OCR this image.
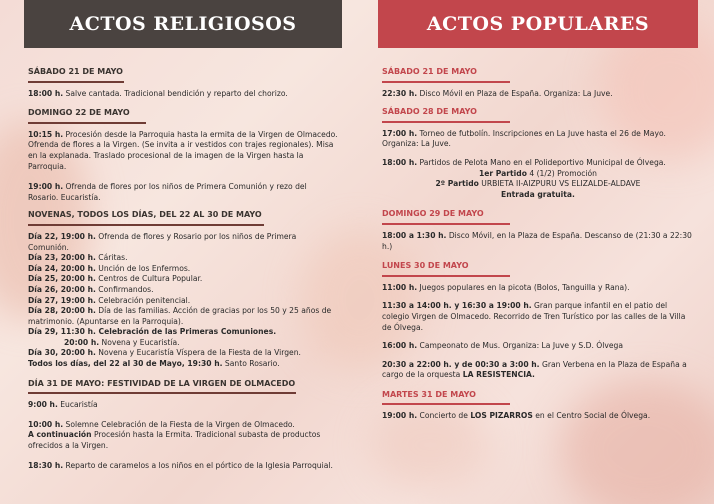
ACTOS RELIGIOSOS
SÁBADO 21 DE MAYO
18:00 h. Salve cantada. Tradicional bendición y reparto del chorizo.
DOMINGO 22 DE MAYO
10:15 h. Procesión desde la Parroquia hasta la ermita de la Virgen de Olmacedo. Ofrenda de flores a la Virgen. (Se invita a ir vestidos con trajes regionales). Misa en la explanada. Traslado procesional de la imagen de la Virgen hasta la Parroquia.
19:00 h. Ofrenda de flores por los niños de Primera Comunión y rezo del Rosario. Eucaristía.
NOVENAS, TODOS LOS DÍAS, DEL 22 AL 30 DE MAYO
Día 22, 19:00 h. Ofrenda de flores y Rosario por los niños de Primera Comunión.
Día 23, 20:00 h. Cáritas.
Día 24, 20:00 h. Unción de los Enfermos.
Día 25, 20:00 h. Centros de Cultura Popular.
Día 26, 20:00 h. Confirmandos.
Día 27, 19:00 h. Celebración penitencial.
Día 28, 20:00 h. Día de las familias. Acción de gracias por los 50 y 25 años de matrimonio. (Apuntarse en la Parroquia).
Día 29, 11:30 h. Celebración de las Primeras Comuniones.
20:00 h. Novena y Eucaristía.
Día 30, 20:00 h. Novena y Eucaristía Víspera de la Fiesta de la Virgen.
Todos los días, del 22 al 30 de Mayo, 19:30 h. Santo Rosario.
DÍA 31 DE MAYO: FESTIVIDAD DE LA VIRGEN DE OLMACEDO
9:00 h. Eucaristía
10:00 h. Solemne Celebración de la Fiesta de la Virgen de Olmacedo.
A continuación Procesión hasta la Ermita. Tradicional subasta de productos ofrecidos a la Virgen.
18:30 h. Reparto de caramelos a los niños en el pórtico de la Iglesia Parroquial.
ACTOS POPULARES
SÁBADO 21 DE MAYO
22:30 h. Disco Móvil en Plaza de España. Organiza: La Juve.
SÁBADO 28 DE MAYO
17:00 h. Torneo de futbolín. Inscripciones en La Juve hasta el 26 de Mayo. Organiza: La Juve.
18:00 h. Partidos de Pelota Mano en el Polideportivo Municipal de Ólvega.
1er Partido 4 (1/2) Promoción
2º Partido URBIETA II-AIZPURU VS ELIZALDE-ALDAVE
Entrada gratuita.
DOMINGO 29 DE MAYO
18:00 a 1:30 h. Disco Móvil, en la Plaza de España. Descanso de (21:30 a 22:30 h.)
LUNES 30 DE MAYO
11:00 h. Juegos populares en la picota (Bolos, Tanguilla y Rana).
11:30 a 14:00 h. y 16:30 a 19:00 h. Gran parque infantil en el patio del colegio Virgen de Olmacedo. Recorrido de Tren Turístico por las calles de la Villa de Ólvega.
16:00 h. Campeonato de Mus. Organiza: La Juve y S.D. Ólvega
20:30 a 22:00 h. y de 00:30 a 3:00 h. Gran Verbena en la Plaza de España a cargo de la orquesta LA RESISTENCIA.
MARTES 31 DE MAYO
19:00 h. Concierto de LOS PIZARROS en el Centro Social de Ólvega.
